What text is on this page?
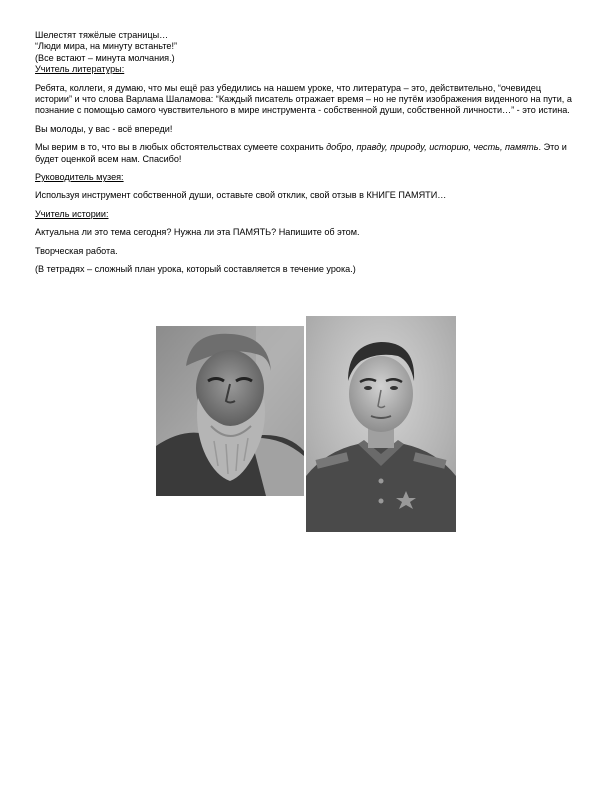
Шелестят тяжёлые страницы…
“Люди мира, на минуту встаньте!”
(Все встают – минута молчания.)
Учитель литературы:

Ребята, коллеги, я думаю, что мы ещё раз убедились на нашем уроке, что литература – это, действительно, “очевидец истории” и что слова Варлама Шаламова: “Каждый писатель отражает время – но не путём изображения виденного на пути, а познание с помощью самого чувствительного в мире инструмента - собственной души, собственной личности…” - это истина.

Вы молоды, у вас - всё впереди!

Мы верим в то, что вы в любых обстоятельствах сумеете сохранить добро, правду, природу, историю, честь, память. Это и будет оценкой всем нам. Спасибо!

Руководитель музея:

Используя инструмент собственной души, оставьте свой отклик, свой отзыв в КНИГЕ ПАМЯТИ…

Учитель истории:

Актуальна ли это тема сегодня? Нужна ли эта ПАМЯТЬ? Напишите об этом.

Творческая работа.

(В тетрадях – сложный план урока, который составляется в течение урока.)
